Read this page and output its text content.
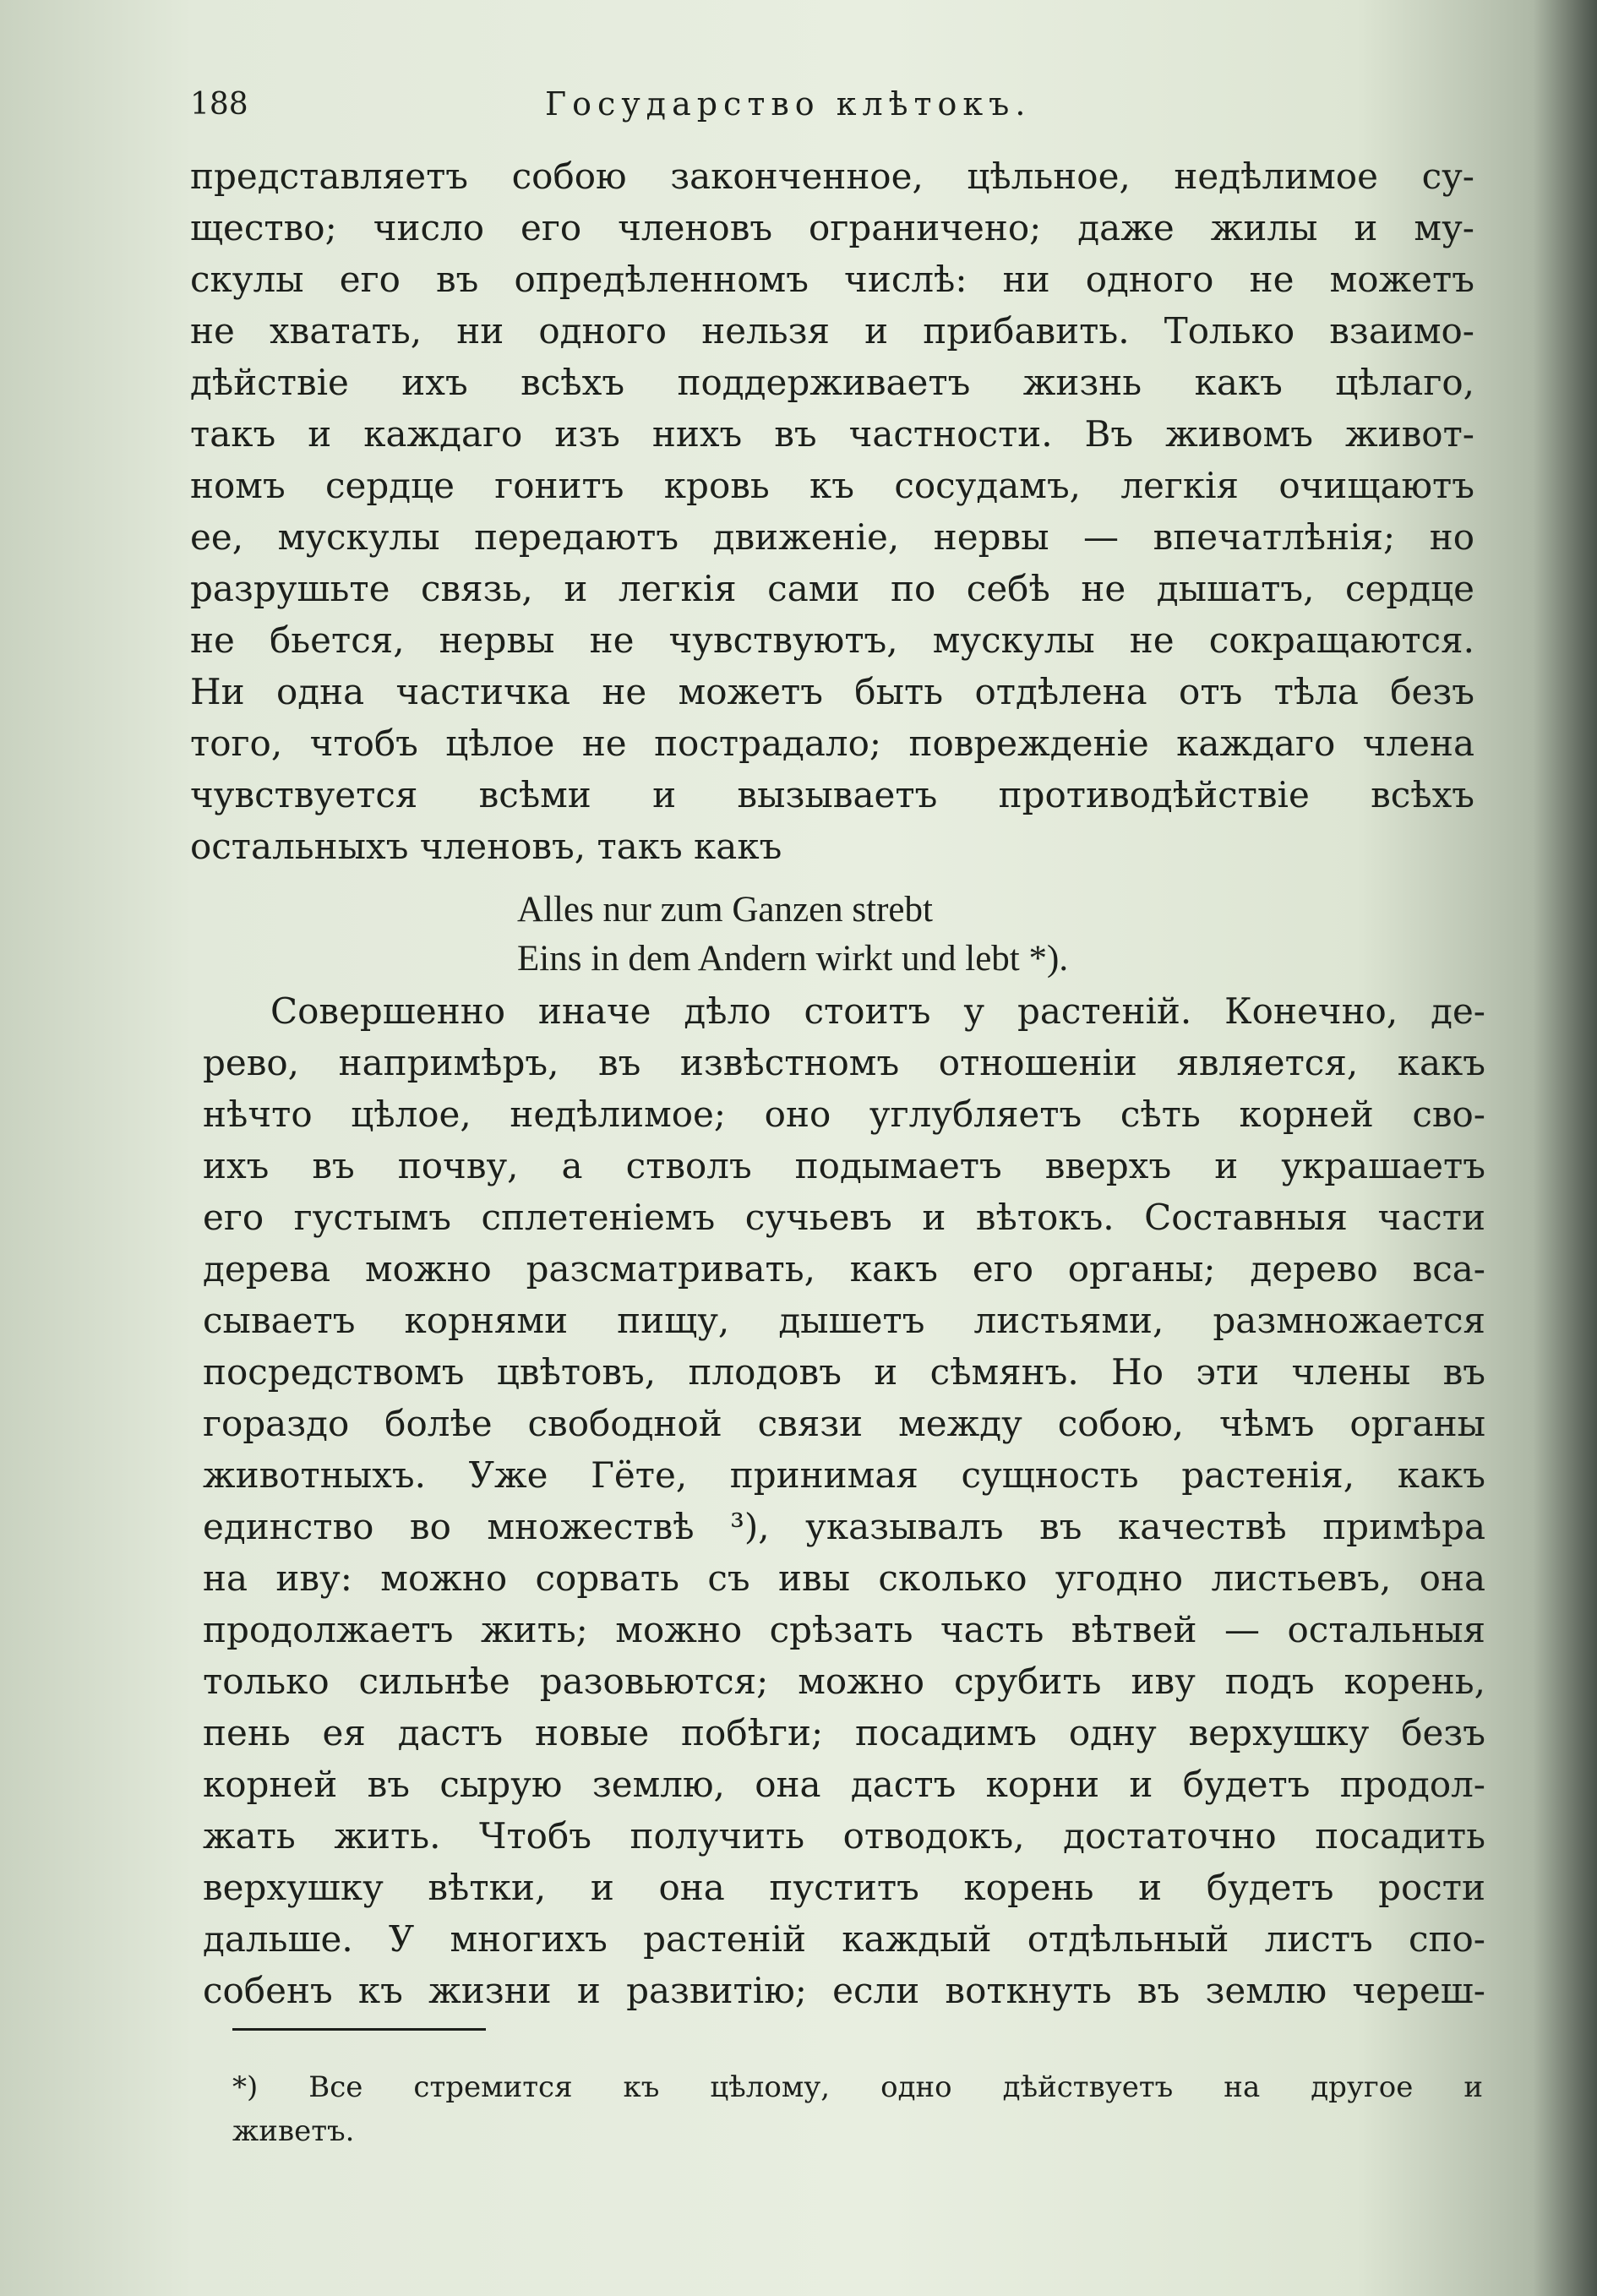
188	Государство клѣтокъ.
представляетъ собою законченное, цѣльное, недѣлимое су-
щество; число его членовъ ограничено; даже жилы и му-
скулы его въ опредѣленномъ числѣ: ни одного не можетъ
не хватать, ни одного нельзя и прибавить. Только взаимо-
дѣйствіе ихъ всѣхъ поддерживаетъ жизнь какъ цѣлаго,
такъ и каждаго изъ нихъ въ частности. Въ живомъ живот-
номъ сердце гонитъ кровь къ сосудамъ, легкія очищаютъ
ее, мускулы передаютъ движеніе, нервы — впечатлѣнія; но
разрушьте связь, и легкія сами по себѣ не дышатъ, сердце
не бьется, нервы не чувствуютъ, мускулы не сокращаются.
Ни одна частичка не можетъ быть отдѣлена отъ тѣла безъ
того, чтобъ цѣлое не пострадало; поврежденіе каждаго члена
чувствуется всѣми и вызываетъ противодѣйствіе всѣхъ
остальныхъ членовъ, такъ какъ
Alles nur zum Ganzen strebt
Eins in dem Andern wirkt und lebt *).
Совершенно иначе дѣло стоитъ у растеній. Конечно, де-
рево, напримѣръ, въ извѣстномъ отношеніи является, какъ
нѣчто цѣлое, недѣлимое; оно углубляетъ сѣть корней сво-
ихъ въ почву, а стволъ подымаетъ вверхъ и украшаетъ
его густымъ сплетеніемъ сучьевъ и вѣтокъ. Составныя части
дерева можно разсматривать, какъ его органы; дерево вса-
сываетъ корнями пищу, дышетъ листьями, размножается
посредствомъ цвѣтовъ, плодовъ и сѣмянъ. Но эти члены въ
гораздо болѣе свободной связи между собою, чѣмъ органы
животныхъ. Уже Гёте, принимая сущность растенія, какъ
единство во множествѣ ³), указывалъ въ качествѣ примѣра
на иву: можно сорвать съ ивы сколько угодно листьевъ, она
продолжаетъ жить; можно срѣзать часть вѣтвей — остальныя
только сильнѣе разовьются; можно срубить иву подъ корень,
пень ея дастъ новые побѣги; посадимъ одну верхушку безъ
корней въ сырую землю, она дастъ корни и будетъ продол-
жать жить. Чтобъ получить отводокъ, достаточно посадить
верхушку вѣтки, и она пуститъ корень и будетъ рости
дальше. У многихъ растеній каждый отдѣльный листъ спо-
собенъ къ жизни и развитію; если воткнуть въ землю череш-
*) Все стремится къ цѣлому, одно дѣйствуетъ на другое и
живетъ.
